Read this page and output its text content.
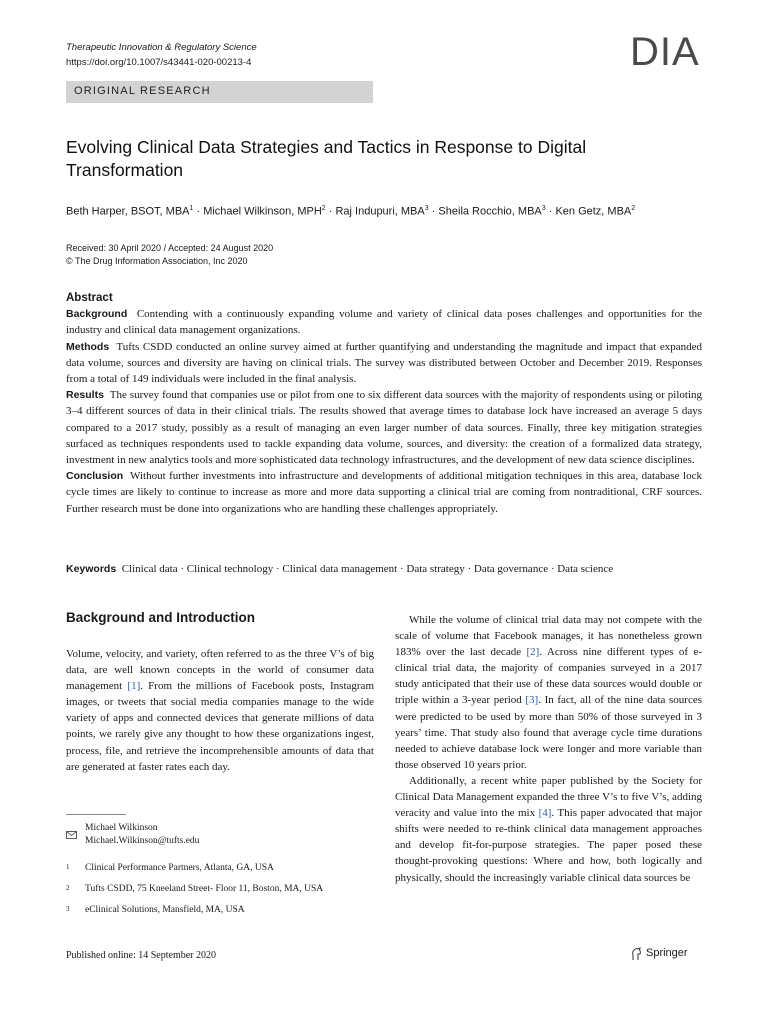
Therapeutic Innovation & Regulatory Science
https://doi.org/10.1007/s43441-020-00213-4	DIA
ORIGINAL RESEARCH
Evolving Clinical Data Strategies and Tactics in Response to Digital Transformation
Beth Harper, BSOT, $MBA^1$ · Michael Wilkinson, $MPH^2$ · Raj Indupuri, $MBA^3$ · Sheila Rocchio, $MBA^3$ · Ken Getz, MBA$^2$
Received: 30 April 2020 / Accepted: 24 August 2020
© The Drug Information Association, Inc 2020
Abstract

Background Contending with a continuously expanding volume and variety of clinical data poses challenges and opportunities for the industry and clinical data management organizations.

Methods Tufts CSDD conducted an online survey aimed at further quantifying and understanding the magnitude and impact that expanded data volume, sources and diversity are having on clinical trials. The survey was distributed between October and December 2019. Responses from a total of 149 individuals were included in the final analysis.

Results The survey found that companies use or pilot from one to six different data sources with the majority of respondents using or piloting 3–4 different sources of data in their clinical trials. The results showed that average times to database lock have increased an average 5 days compared to a 2017 study, possibly as a result of managing an even larger number of data sources. Finally, three key mitigation strategies surfaced as techniques respondents used to tackle expanding data volume, sources, and diversity: the creation of a formalized data strategy, investment in new analytics tools and more sophisticated data technology infrastructures, and the development of new data science disciplines.

Conclusion Without further investments into infrastructure and developments of additional mitigation techniques in this area, database lock cycle times are likely to continue to increase as more and more data supporting a clinical trial are coming from nontraditional, CRF sources. Further research must be done into organizations who are handling these challenges appropriately.

Keywords Clinical data · Clinical technology · Clinical data management · Data strategy · Data governance · Data science
Background and Introduction

Volume, velocity, and variety, often referred to as the three V’s of big data, are well known concepts in the world of consumer data management [1]. From the millions of Facebook posts, Instagram images, or tweets that social media companies manage to the wide variety of apps and connected devices that generate millions of data points, we rarely give any thought to how these organizations ingest, process, file, and retrieve the incomprehensible amounts of data that are generated at faster rates each day.

While the volume of clinical trial data may not compete with the scale of volume that Facebook manages, it has nonetheless grown 183% over the last decade [2]. Across nine different types of e-clinical trial data, the majority of companies surveyed in a 2017 study anticipated that their use of these data sources would double or triple within a 3-year period [3]. In fact, all of the nine data sources were predicted to be used by more than 50% of those surveyed in 3 years’ time. That study also found that average cycle time durations needed to achieve database lock were longer and more variable than those observed 10 years prior.

Additionally, a recent white paper published by the Society for Clinical Data Management expanded the three V’s to five V’s, adding veracity and value into the mix [4]. This paper advocated that major shifts were needed to re-think clinical data management approaches and develop fit-for-purpose strategies. The paper posed these thought-provoking questions: Where and how, both logically and physically, should the increasingly variable clinical data sources be

Michael Wilkinson
Michael.Wilkinson@tufts.edu
1 Clinical Performance Partners, Atlanta, GA, USA
2 Tufts CSDD, 75 Kneeland Street- Floor 11, Boston, MA, USA
3 eClinical Solutions, Mansfield, MA, USA
Published online: 14 September 2020	Springer
